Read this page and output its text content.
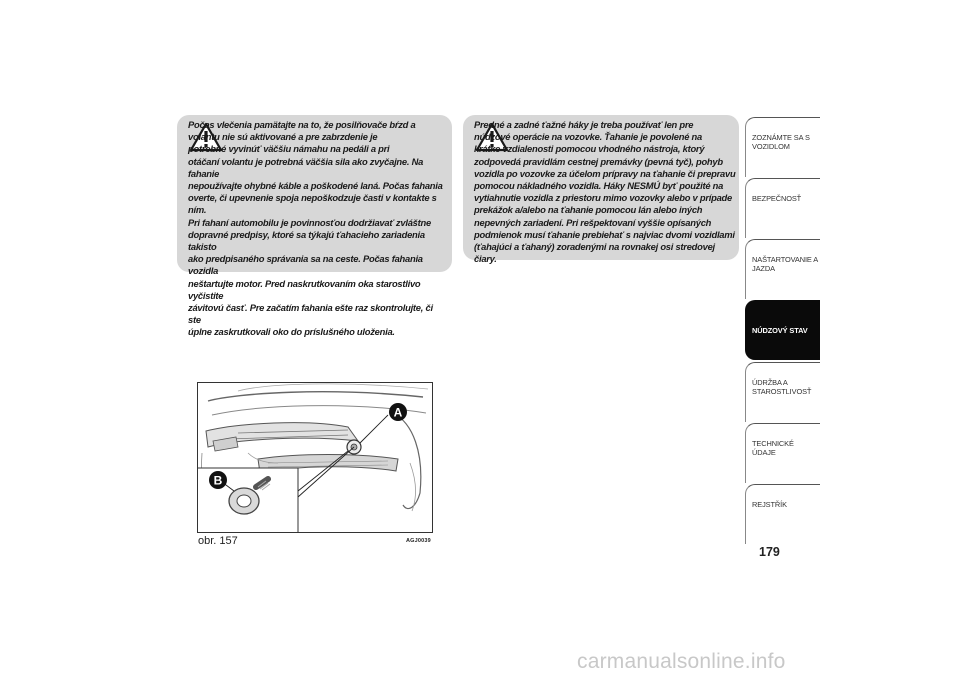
Počas vlečenia pamätajte na to, že posilňovače bŕzd a
volantu nie sú aktivované a pre zabrzdenie je
potrebné vyvinúť väčšiu námahu na pedáli a pri
otáčaní volantu je potrebná väčšia sila ako zvyčajne. Na fahanie
nepoužívajte ohybné káble a poškodené laná. Počas fahania
overte, či upevnenie spoja nepoškodzuje časti v kontakte s ním.
Pri fahaní automobilu je povinnosťou dodržiavať zvláštne
dopravné predpisy, ktoré sa týkajú ťahacieho zariadenia takisto
ako predpisaného správania sa na ceste. Počas fahania vozidla
neštartujte motor. Pred naskrutkovaním oka starostlivo vyčistite
závitovú časť. Pre začatím fahania ešte raz skontrolujte, či ste
úplne zaskrutkovali oko do príslušného uloženia.

Predné a zadné ťažné háky je treba používať len pre
núdzové operácie na vozovke. Ťahanie je povolené na
krátke vzdialenosti pomocou vhodného nástroja, ktorý
zodpovedá pravidlám cestnej premávky (pevná tyč), pohyb
vozidla po vozovke za účelom prípravy na ťahanie či prepravu
pomocou nákladného vozidla. Háky NESMÚ byť použité na
vytiahnutie vozidla z priestoru mimo vozovky alebo v prípade
prekážok a/alebo na ťahanie pomocou lán alebo iných
nepevných zariadení. Pri rešpektovaní vyššie opísaných
podmienok musí ťahanie prebiehať s najviac dvomi vozidlami
(ťahajúci a ťahaný) zoradenými na rovnakej osi stredovej čiary.

A
B
obr. 157	AGJ0039
ZOZNÁMTE SA S VOZIDLOM
BEZPEČNOSŤ
NAŠTARTOVANIE A JAZDA
NÚDZOVÝ STAV
ÚDRŽBA A STAROSTLIVOSŤ
TECHNICKÉ ÚDAJE
REJSTŘÍK
179
carmanualsonline.info
